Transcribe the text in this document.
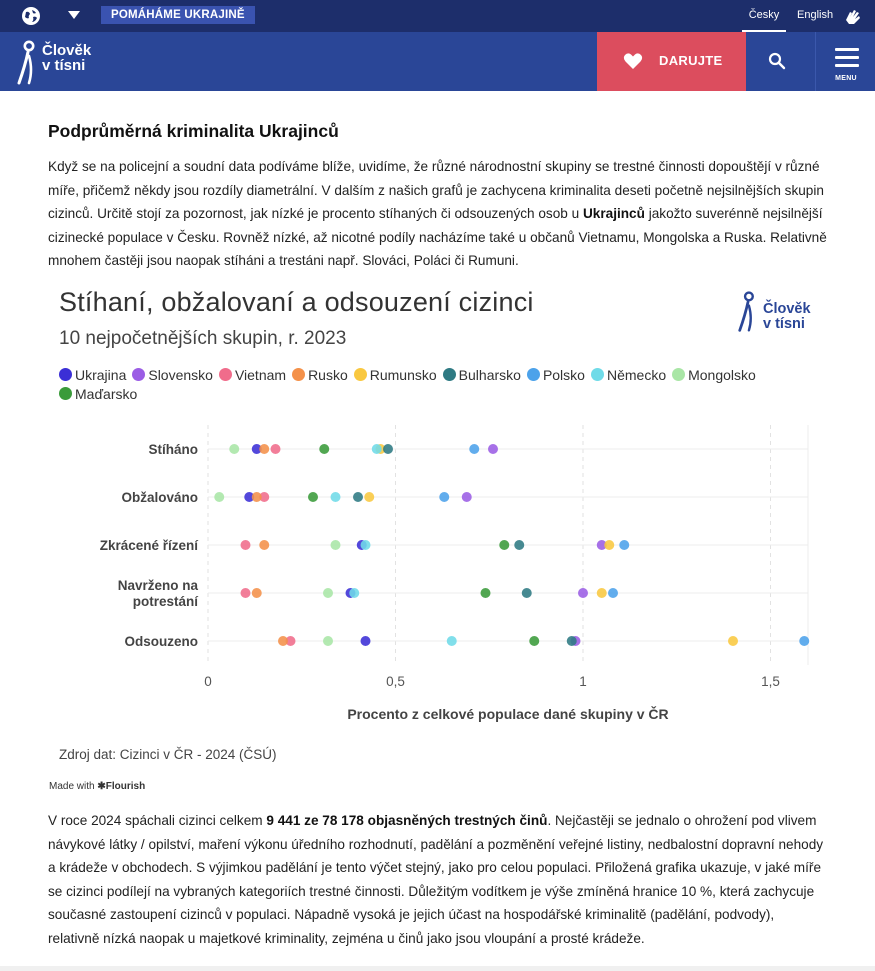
POMÁHÁME UKRAJINĚ	Česky	English
Člověk
v tísni	DARUJTE
MENU
Podprůměrná kriminalita Ukrajinců
Když se na policejní a soudní data podíváme blíže, uvidíme, že různé národnostní skupiny se trestné činnosti dopouštějí v různé míře, přičemž někdy jsou rozdíly diametrální. V dalším z našich grafů je zachycena kriminalita deseti početně nejsilnějších skupin cizinců. Určitě stojí za pozornost, jak nízké je procento stíhaných či odsouzených osob u Ukrajinců jakožto suverénně nejsilnější cizinecké populace v Česku. Rovněž nízké, až nicotné podíly nacházíme také u občanů Vietnamu, Mongolska a Ruska. Relativně mnohem častěji jsou naopak stíháni a trestáni např. Slováci, Poláci či Rumuni.
Stíhaní, obžalovaní a odsouzení cizinci
10 nejpočetnějších skupin, r. 2023
Člověk
v tísni
Ukrajina Slovensko Vietnam Rusko Rumunsko Bulharsko Polsko Německo MongolskoMaďarsko
Stíháno
Obžalováno
Zkrácené řízení
Navrženo na
potrestání
Odsouzeno
0	0,5	1	1,5
Procento z celkové populace dané skupiny v ČR
Zdroj dat: Cizinci v ČR - 2024 (ČSÚ)
Made with ✱Flourish
V roce 2024 spáchali cizinci celkem 9 441 ze 78 178 objasněných trestných činů. Nejčastěji se jednalo o ohrožení pod vlivem návykové látky / opilství, maření výkonu úředního rozhodnutí, padělání a pozměnění veřejné listiny, nedbalostní dopravní nehody a krádeže v obchodech. S výjimkou padělání je tento výčet stejný, jako pro celou populaci. Přiložená grafika ukazuje, v jaké míře se cizinci podílejí na vybraných kategoriích trestné činnosti. Důležitým vodítkem je výše zmíněná hranice 10 %, která zachycuje současné zastoupení cizinců v populaci. Nápadně vysoká je jejich účast na hospodářské kriminalitě (padělání, podvody), relativně nízká naopak u majetkové kriminality, zejména u činů jako jsou vloupání a prosté krádeže.
